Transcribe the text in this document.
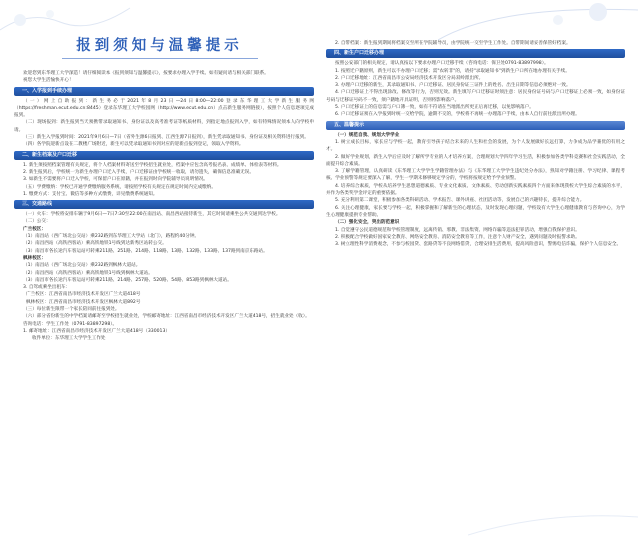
报到须知与温馨提示

欢迎您到东华理工大学深造！请仔细阅读本《报到须知与温馨提示》，按要求办理入学手续。如有疑问请与相关部门联系。

祝您大学生活愉快开心！

一、入学报到手续办理

（一）网上自助报到：新生务必于2021年8月23日—24日8:00—22:00登录东华理工大学新生服务网（https://freshman.ecut.edu.cn:8445）登录东华理工大学校园网（http://www.ecut.edu.cn）点击新生服务网链接），按照个人信息逐项完成报到。

（二）现场报到：新生报到当天须携带录取通知书、身份证以及高考准考证等纸质材料，到指定地点报到入学，如有特殊情况须本人向学校申请。

（三）新生入学报到时间：2021年9月6日—7日（省外生源6日报到、江西生源7日报到），新生凭录取通知书、身份证及相关资料进行报到。

（四）各学院迎新点设在二教楼广场附近，新生可以凭录取通知书到对应的迎新点报到登记，领取入学资料。

二、新生档案及户口迁移

1. 新生须按照档案管理有关规定，将个人档案材料寄送至学校招生就业处，档案中应包含高考报名表、成绩单、体检表等材料。

2. 新生报到后，学校统一为新生办理户口迁入手续，户口迁移证由学校统一收取，请勿遗失，确保信息准确无误。

3. 如新生不需要将户口迁入学校，可保留户口在原籍，并在报到时向学院辅导员说明情况。

（五）学费缴纳：学校已开通学费缴纳服务系统，请按照学校有关规定在规定时间内完成缴纳。

1. 缴费方式：支付宝、微信等多种方式缴费，详见缴费系统通知。

三、交通路线

（一）火车：学校将安排车辆于9月6日—7日7:30至22:00在南昌站、南昌西站接待新生，其它时间请乘坐公共交通到达学校。

（二）公交：

广兰校区：

（1）南昌站（西广场北公交站）乘232路到东华理工大学站（北门），路程约40分钟。

（2）南昌西站（高铁西客站）乘高铁地铁1号线到达新秀区站转公交。

（3）南昌市各长途汽车客运站可转乘211路、251路、214路、118路、13路、132路、133路、137路到南京东路站。

枫林校区：

（1）南昌站（西广场北公交站）乘232路到枫林大道站。

（2）南昌西站（高铁西客站）乘高铁地铁1号线到枫林大道站。

（3）南昌市各长途汽车客运站可转乘211路、214路、257路、520路、54路、853路到枫林大道站。

3. 自驾或乘坐出租车：

广兰校区：江西省南昌市经济技术开发区广兰大道418号

枫林校区：江西省南昌市经济技术开发区枫林大道892号

（三）每位新生限带一个家长陪同前往报到处。

（六）部分省份新生的中学档案请邮寄至学校招生就业处，学校邮寄地址：江西省南昌市经济技术开发区广兰大道418号，招生就业处（收）。

咨询电话：学生工作处（0791-83897298）。

1. 邮寄地址：江西省南昌市经济技术开发区广兰大道418号（330013）

收件单位：东华理工大学学生工作处

2. 自带档案：新生报到期间将档案交至所在学院辅导员，由学院统一交至学生工作处。自带期间请妥善保管好档案。

四、新生户口迁移办理

按照公安部门的相关规定，请认真按以下要求办理户口迁移手续（咨询电话：保卫处0791-83897998）。

1. 按照迁户籍原则，新生可以不办理户口迁移；需"农转非"的，请持"录取通知书"到新生户口所在地办理有关手续。

2. 户口迁移地址：江西省南昌市公安局经济技术开发区分局双岭派出所。

3. 办理户口迁移的新生，其录取通知书、户口迁移证、居民身份证三证件上的姓名、出生日期等信息必须绝对一致。

4. 户口迁移证上不得出现涂改、修改等行为，否则无效。新生填写户口迁移证时须注意：居民身份证号码与户口迁移证上必须一致，如身份证号码与迁移证号码不一致，须户籍地开具证明，否则将影响落户。

5. 户口迁移证上的信息需与户口簿一致，如有不符请在当地派出所更正后再迁移，以免影响落户。

6. 户口迁移证须在入学报到时统一交给学院，逾期不交的，学校将不再统一办理落户手续，由本人自行前往派出所办理。

五、温馨提示

（一）规范自我、规划大学学业

1. 树立成长目标，家长应与学校一起，教育引导孩子结合未来的人生和社会的发展，为个人发展做好长远打算，力争成为品学兼优的有用之才。

2. 做好学业规划，新生入学后应及时了解所学专业的人才培养方案，合理规划大学四年学习生活，积极参加各类学科竞赛和社会实践活动，全面提升综合素质。

3. 了解学籍管理，认真研读《东华理工大学学生学籍管理办法》与《东华理工大学学生违纪处分办法》，熟知对学籍注册、学习纪律、课程考核、学业预警等规定要深入了解，学生一学期未修够规定学分的，学校将按规定给予学业预警。

4. 培养综合素质，学校从培养学生思想道德素质、专业文化素质、文体素质、劳动创新实践素质四个方面来体现我校大学生综合素质的水平，并作为各类奖学金评定的重要依据。

5. 充分利用第二课堂，积极参加各类科研活动、学术报告、课外讲座、社团活动等，发展自己的兴趣特长，提升综合能力。

6. 关注心理健康，家长要与学校一起，积极掌握和了解新生的心理状态，及时发现心理问题，学校设有大学生心理健康教育与咨询中心，为学生心理健康提供专业帮助。

（二）强化安全，突出防范意识

1. 自觉遵守公民道德规范和学校管理制度，远离传销、邪教、非法集资、网络诈骗等违法犯罪活动，增强自我保护意识。

2. 积极配合学校做好国家安全教育、网络安全教育、消防安全教育等工作，注意个人财产安全，遇到问题及时报警求助。

3. 树立理性科学消费观念，不参与校园贷、套路贷等不良网络借贷，合理安排生活费用，提高风险意识，警惕电信诈骗，保护个人信息安全。
